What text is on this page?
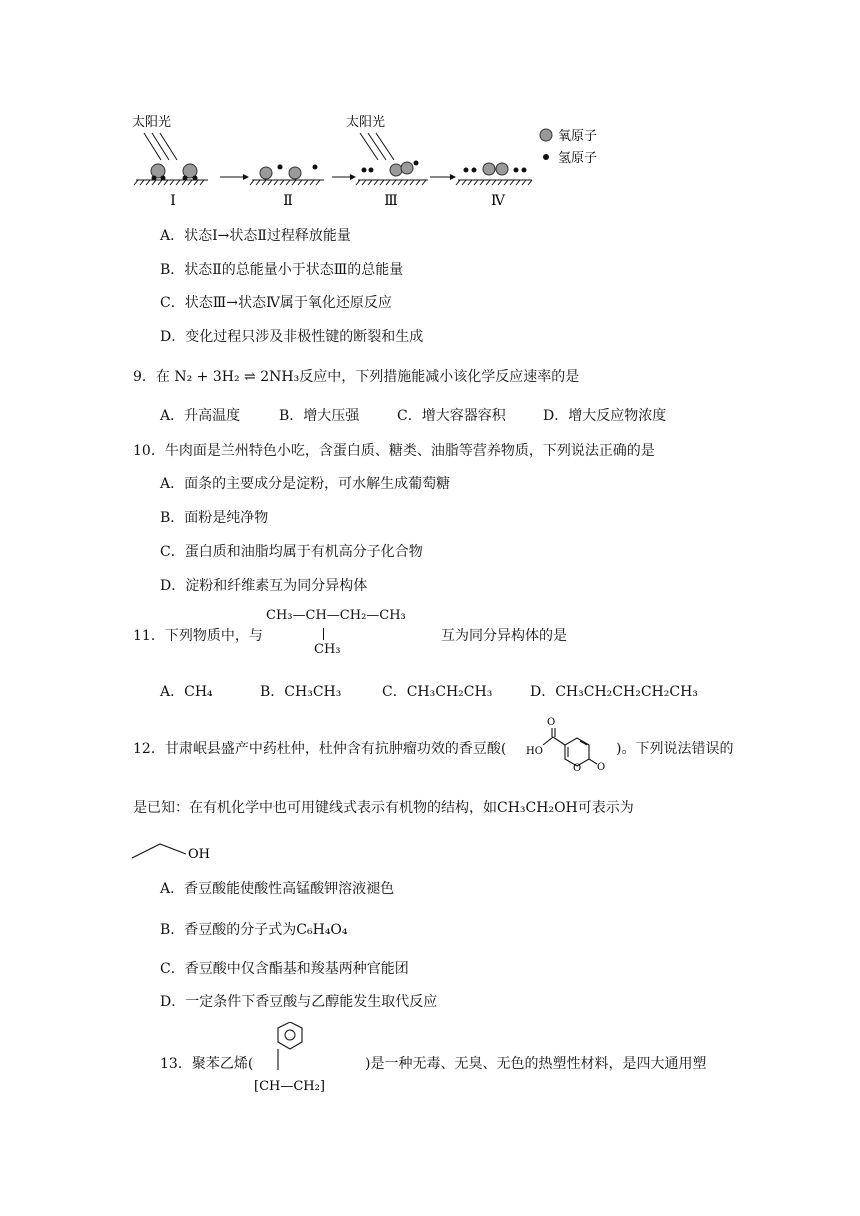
太阳光
Ⅰ	Ⅱ
太阳光
Ⅲ	Ⅳ
氧原子
氢原子
A．状态Ⅰ→状态Ⅱ过程释放能量
B．状态Ⅱ的总能量小于状态Ⅲ的总能量
C．状态Ⅲ→状态Ⅳ属于氧化还原反应
D．变化过程只涉及非极性键的断裂和生成
9．在 N₂ + 3H₂ ⇌ 2NH₃反应中，下列措施能减小该化学反应速率的是
A．升高温度	B．增大压强	C．增大容器容积	D．增大反应物浓度
10．牛肉面是兰州特色小吃，含蛋白质、糖类、油脂等营养物质，下列说法正确的是
A．面条的主要成分是淀粉，可水解生成葡萄糖
B．面粉是纯净物
C．蛋白质和油脂均属于有机高分子化合物
D．淀粉和纤维素互为同分异构体
11．下列物质中，与
CH₃—CH—CH₂—CH₃
CH₃
互为同分异构体的是
A．CH₄	B．CH₃CH₃	C．CH₃CH₂CH₃	D．CH₃CH₂CH₂CH₂CH₃
12．甘肃岷县盛产中药杜仲，杜仲含有抗肿瘤功效的香豆酸(
O
HO
O O
)。下列说法错误的
是已知：在有机化学中也可用键线式表示有机物的结构，如CH₃CH₂OH可表示为
OH
A．香豆酸能使酸性高锰酸钾溶液褪色
B．香豆酸的分子式为C₆H₄O₄
C．香豆酸中仅含酯基和羧基两种官能团
D．一定条件下香豆酸与乙醇能发生取代反应
13．聚苯乙烯(
[CH—CH₂]
)是一种无毒、无臭、无色的热塑性材料，是四大通用塑
